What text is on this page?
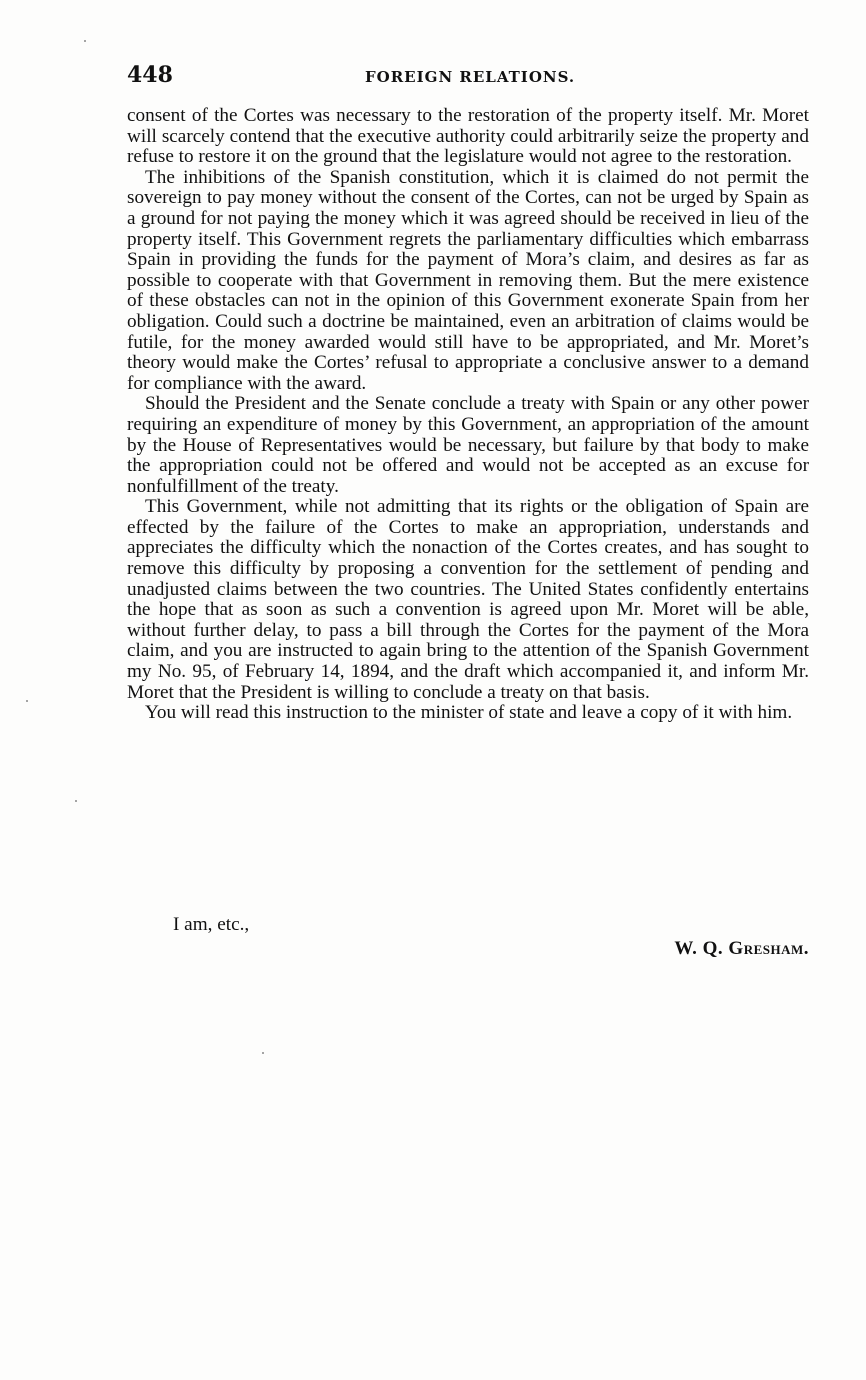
448	FOREIGN RELATIONS.

consent of the Cortes was necessary to the restoration of the property itself. Mr. Moret will scarcely contend that the executive authority could arbitrarily seize the property and refuse to restore it on the ground that the legislature would not agree to the restoration.

The inhibitions of the Spanish constitution, which it is claimed do not permit the sovereign to pay money without the consent of the Cortes, can not be urged by Spain as a ground for not paying the money which it was agreed should be received in lieu of the property itself. This Government regrets the parliamentary difficulties which embarrass Spain in providing the funds for the payment of Mora’s claim, and desires as far as possible to cooperate with that Government in removing them. But the mere existence of these obstacles can not in the opinion of this Government exonerate Spain from her obligation. Could such a doctrine be maintained, even an arbitration of claims would be futile, for the money awarded would still have to be appropriated, and Mr. Moret’s theory would make the Cortes’ refusal to appropriate a conclusive answer to a demand for compliance with the award.

Should the President and the Senate conclude a treaty with Spain or any other power requiring an expenditure of money by this Government, an appropriation of the amount by the House of Representatives would be necessary, but failure by that body to make the appropriation could not be offered and would not be accepted as an excuse for nonfulfillment of the treaty.

This Government, while not admitting that its rights or the obligation of Spain are effected by the failure of the Cortes to make an appropriation, understands and appreciates the difficulty which the nonaction of the Cortes creates, and has sought to remove this difficulty by proposing a convention for the settlement of pending and unadjusted claims between the two countries. The United States confidently entertains the hope that as soon as such a convention is agreed upon Mr. Moret will be able, without further delay, to pass a bill through the Cortes for the payment of the Mora claim, and you are instructed to again bring to the attention of the Spanish Government my No. 95, of February 14, 1894, and the draft which accompanied it, and inform Mr. Moret that the President is willing to conclude a treaty on that basis.

You will read this instruction to the minister of state and leave a copy of it with him.

I am, etc.,
W. Q. Gresham.
